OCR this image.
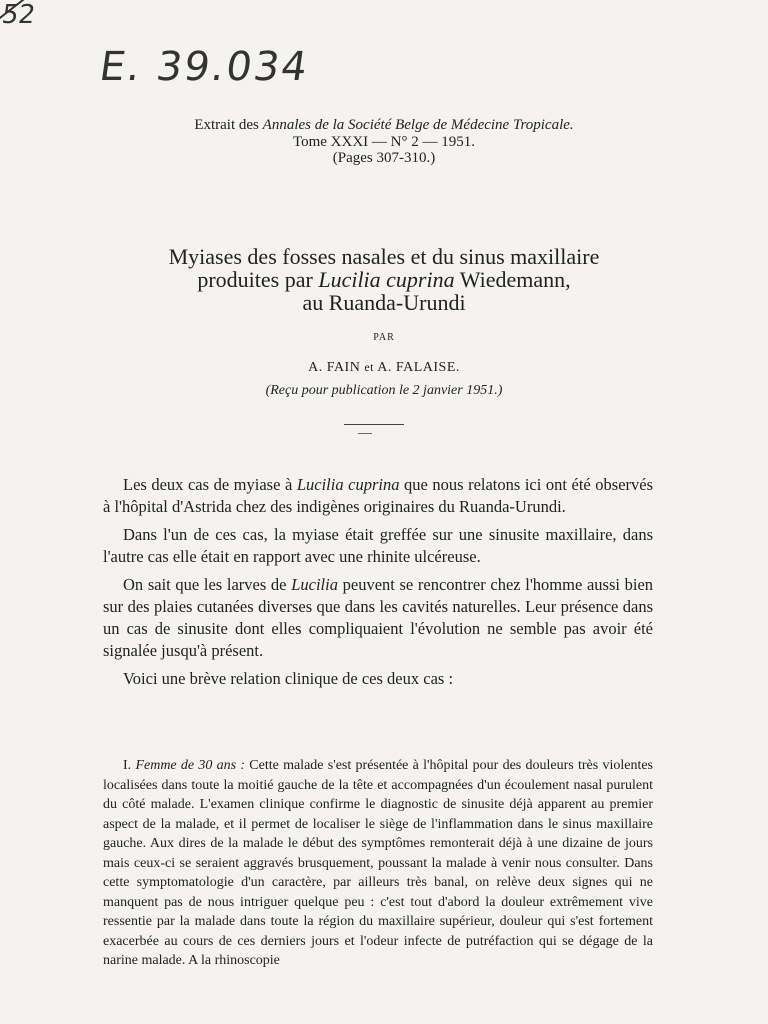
52
E. 39.034
Extrait des Annales de la Société Belge de Médecine Tropicale.
Tome XXXI — N° 2 — 1951.
(Pages 307-310.)
Myiases des fosses nasales et du sinus maxillaire
produites par Lucilia cuprina Wiedemann,
au Ruanda-Urundi
PAR
A. FAIN et A. FALAISE.
(Reçu pour publication le 2 janvier 1951.)

Les deux cas de myiase à Lucilia cuprina que nous relatons ici ont été observés à l'hôpital d'Astrida chez des indigènes originaires du Ruanda-Urundi.

Dans l'un de ces cas, la myiase était greffée sur une sinusite maxillaire, dans l'autre cas elle était en rapport avec une rhinite ulcéreuse.

On sait que les larves de Lucilia peuvent se rencontrer chez l'homme aussi bien sur des plaies cutanées diverses que dans les cavités naturelles. Leur présence dans un cas de sinusite dont elles compliquaient l'évolution ne semble pas avoir été signalée jusqu'à présent.

Voici une brève relation clinique de ces deux cas :

I. Femme de 30 ans : Cette malade s'est présentée à l'hôpital pour des douleurs très violentes localisées dans toute la moitié gauche de la tête et accompagnées d'un écoulement nasal purulent du côté malade. L'examen clinique confirme le diagnostic de sinusite déjà apparent au premier aspect de la malade, et il permet de localiser le siège de l'inflammation dans le sinus maxillaire gauche. Aux dires de la malade le début des symptômes remonterait déjà à une dizaine de jours mais ceux-ci se seraient aggravés brusquement, poussant la malade à venir nous consulter. Dans cette symptomatologie d'un caractère, par ailleurs très banal, on relève deux signes qui ne manquent pas de nous intriguer quelque peu : c'est tout d'abord la douleur extrêmement vive ressentie par la malade dans toute la région du maxillaire supérieur, douleur qui s'est fortement exacerbée au cours de ces derniers jours et l'odeur infecte de putréfaction qui se dégage de la narine malade. A la rhinoscopie
